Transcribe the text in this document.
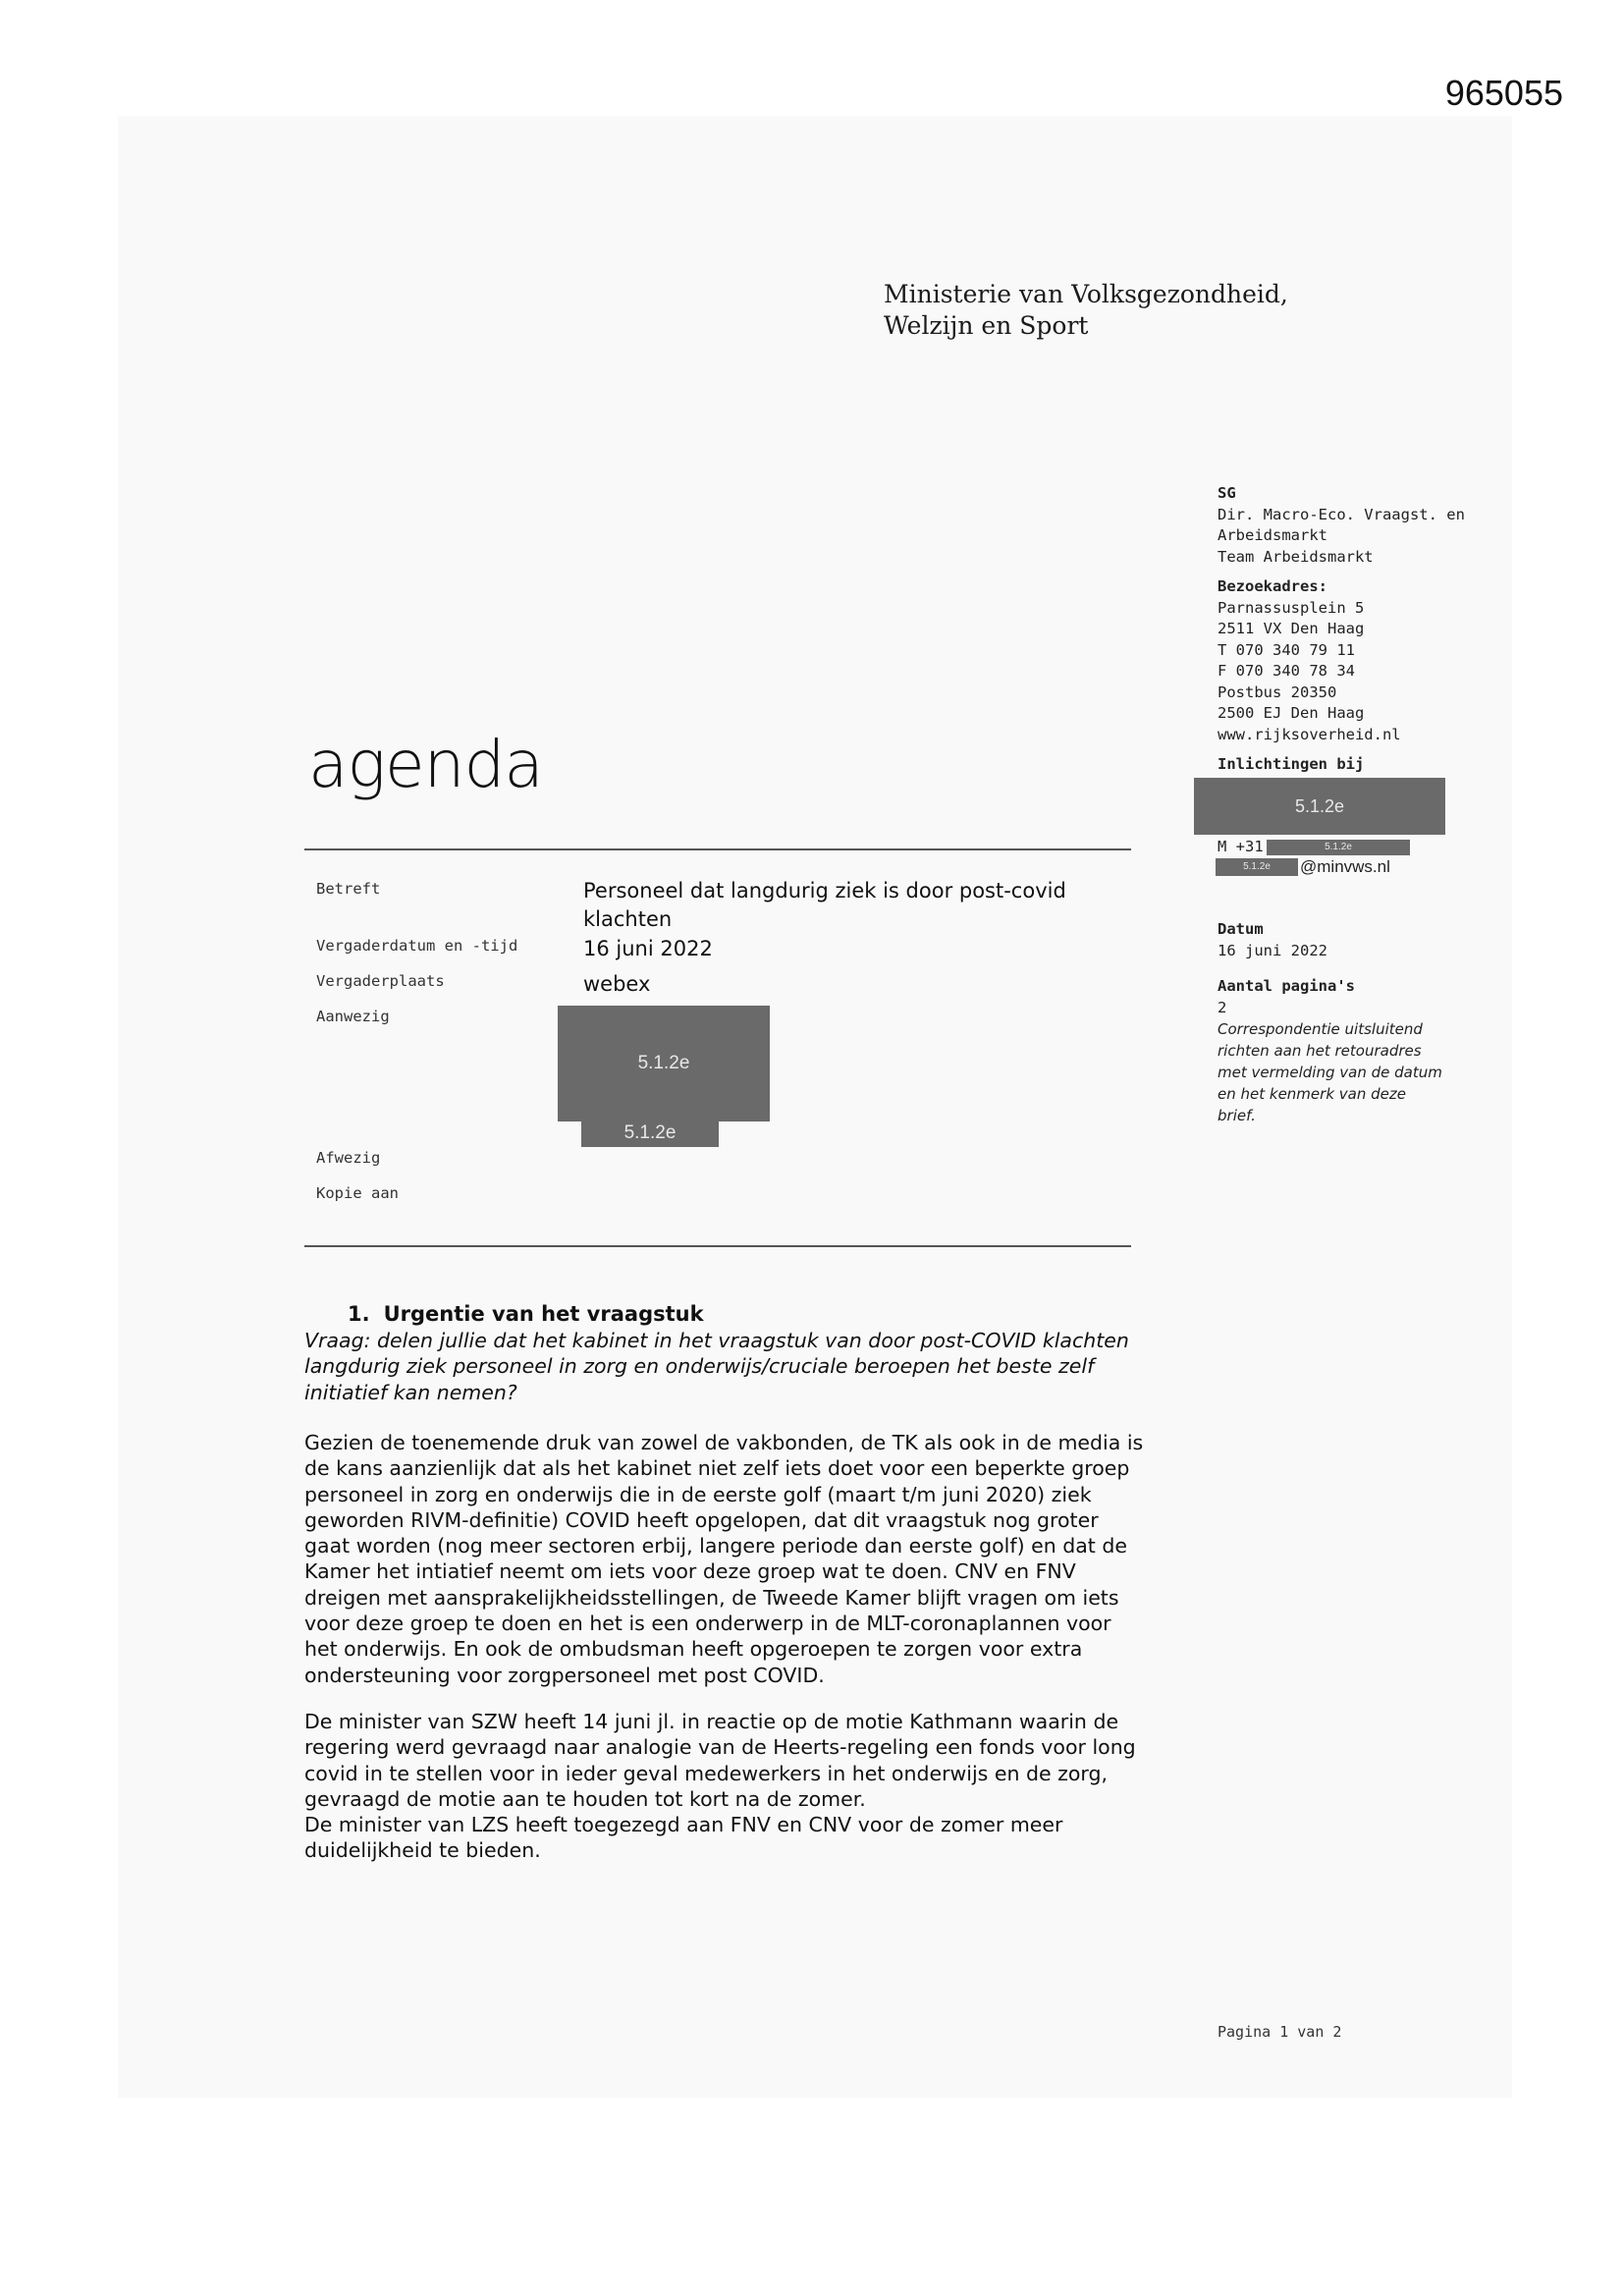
965055
Ministerie van Volksgezondheid,
Welzijn en Sport
SG
Dir. Macro-Eco. Vraagst. en
Arbeidsmarkt
Team Arbeidsmarkt
Bezoekadres:
Parnassusplein 5
2511 VX Den Haag
T 070 340 79 11
F 070 340 78 34
Postbus 20350
2500 EJ Den Haag
www.rijksoverheid.nl
Inlichtingen bij
5.1.2e
M +31	5.1.2e
5.1.2e	@minvws.nl
Datum
16 juni 2022
Aantal pagina's
2
Correspondentie uitsluitend
richten aan het retouradres
met vermelding van de datum
en het kenmerk van deze
brief.
agenda
Betreft	Personeel dat langdurig ziek is door post-covid
klachten
Vergaderdatum en -tijd	16 juni 2022
Vergaderplaats	webex
Aanwezig
5.1.2e
5.1.2e
Afwezig
Kopie aan
1. Urgentie van het vraagstuk

Vraag: delen jullie dat het kabinet in het vraagstuk van door post-COVID klachten

langdurig ziek personeel in zorg en onderwijs/cruciale beroepen het beste zelf

initiatief kan nemen?

Gezien de toenemende druk van zowel de vakbonden, de TK als ook in de media is

de kans aanzienlijk dat als het kabinet niet zelf iets doet voor een beperkte groep

personeel in zorg en onderwijs die in de eerste golf (maart t/m juni 2020) ziek

geworden RIVM-definitie) COVID heeft opgelopen, dat dit vraagstuk nog groter

gaat worden (nog meer sectoren erbij, langere periode dan eerste golf) en dat de

Kamer het intiatief neemt om iets voor deze groep wat te doen. CNV en FNV

dreigen met aansprakelijkheidsstellingen, de Tweede Kamer blijft vragen om iets

voor deze groep te doen en het is een onderwerp in de MLT-coronaplannen voor

het onderwijs. En ook de ombudsman heeft opgeroepen te zorgen voor extra

ondersteuning voor zorgpersoneel met post COVID.

De minister van SZW heeft 14 juni jl. in reactie op de motie Kathmann waarin de

regering werd gevraagd naar analogie van de Heerts-regeling een fonds voor long

covid in te stellen voor in ieder geval medewerkers in het onderwijs en de zorg,

gevraagd de motie aan te houden tot kort na de zomer.

De minister van LZS heeft toegezegd aan FNV en CNV voor de zomer meer

duidelijkheid te bieden.

Pagina 1 van 2
